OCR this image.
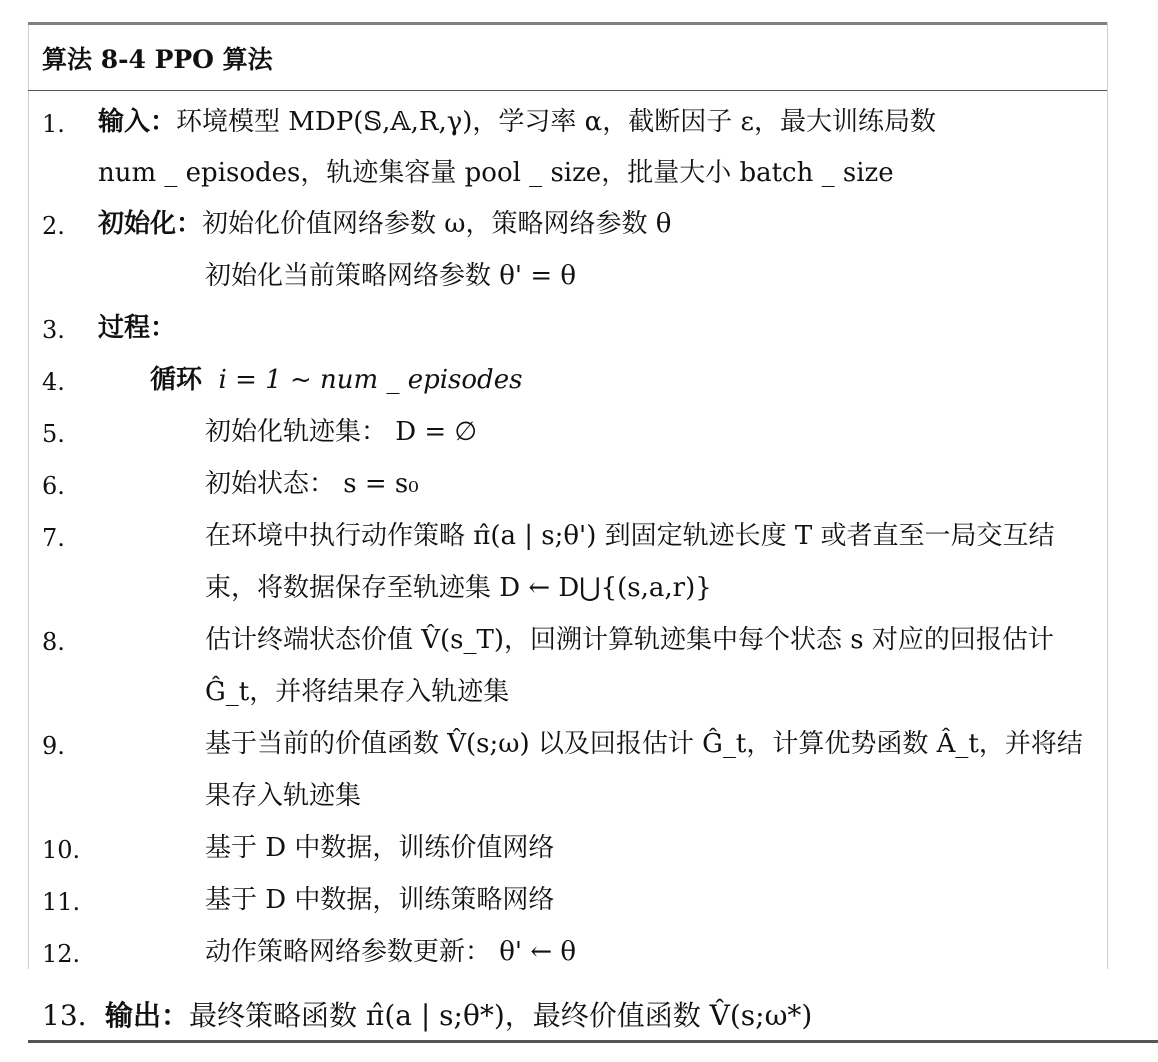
算法 8-4 PPO 算法
1. 输入：环境模型 MDP(𝕊,𝔸,R,γ)，学习率 α，截断因子 ε，最大训练局数
num _ episodes，轨迹集容量 pool _ size，批量大小 batch _ size
2. 初始化：初始化价值网络参数 ω，策略网络参数 θ
初始化当前策略网络参数 θ' = θ
3. 过程：
4.	循环 i = 1 ~ num _ episodes
5.	初始化轨迹集： D = ∅
6.	初始状态： s = s₀
7.	在环境中执行动作策略 π̂(a | s;θ') 到固定轨迹长度 T 或者直至一局交互结
束，将数据保存至轨迹集 D ← D⋃{(s,a,r)}
8.	估计终端状态价值 V̂(s_T)，回溯计算轨迹集中每个状态 s 对应的回报估计
Ĝ_t，并将结果存入轨迹集
9.	基于当前的价值函数 V̂(s;ω) 以及回报估计 Ĝ_t，计算优势函数 Â_t，并将结
果存入轨迹集
10.	基于 D 中数据，训练价值网络
11.	基于 D 中数据，训练策略网络
12.	动作策略网络参数更新： θ' ← θ
13. 输出：最终策略函数 π̂(a | s;θ*)，最终价值函数 V̂(s;ω*)
